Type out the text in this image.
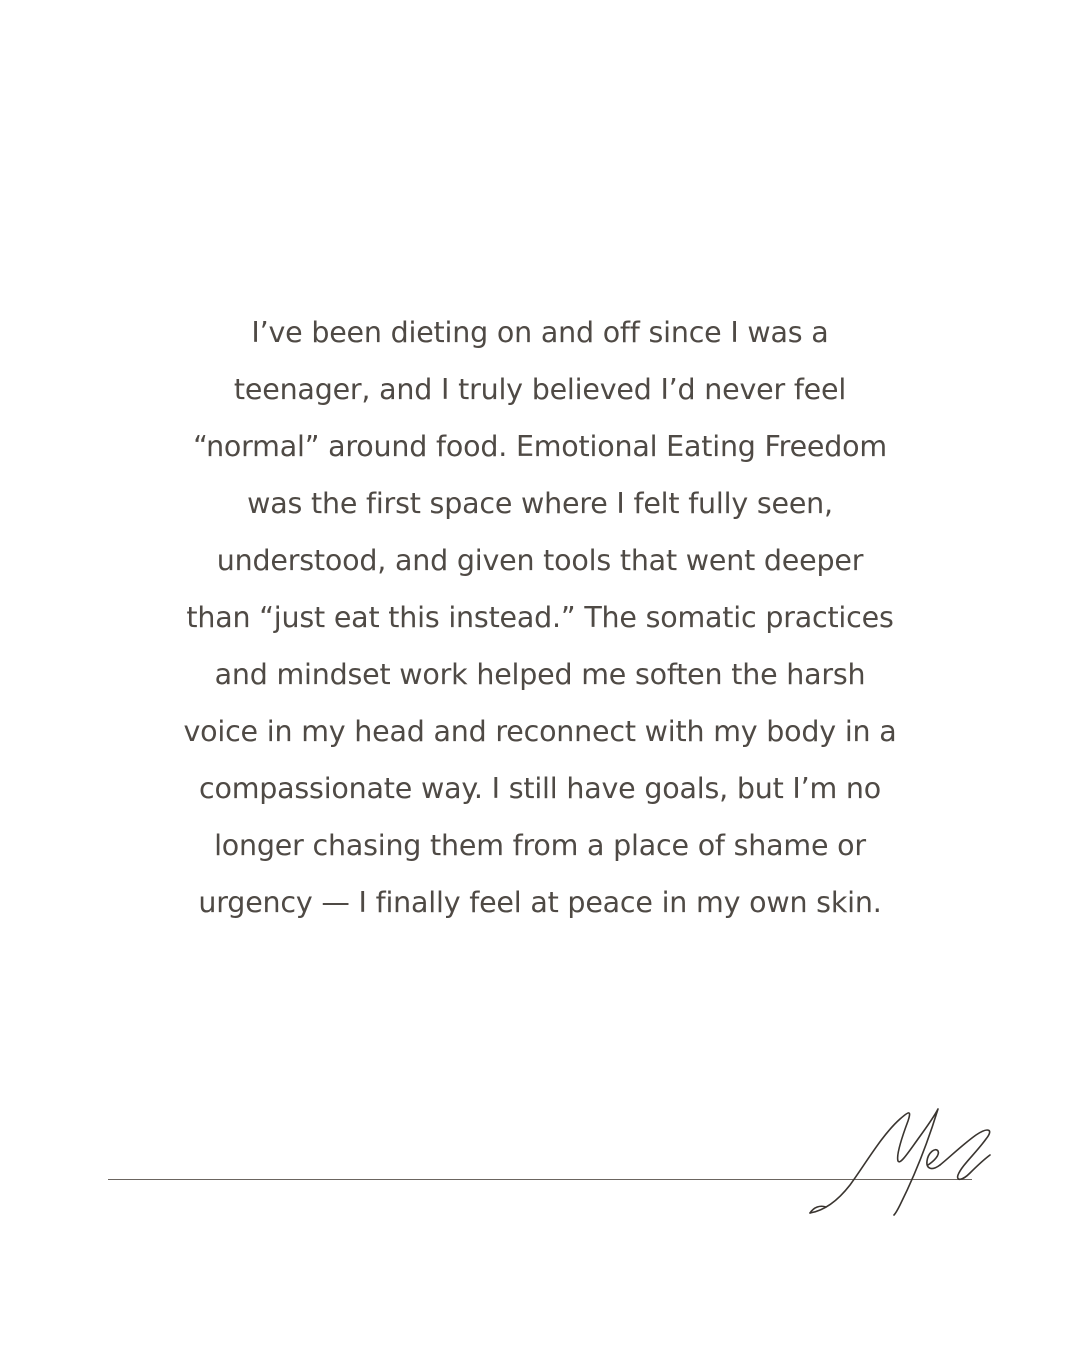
I’ve been dieting on and off since I was a
teenager, and I truly believed I’d never feel
“normal” around food. Emotional Eating Freedom
was the first space where I felt fully seen,
understood, and given tools that went deeper
than “just eat this instead.” The somatic practices
and mindset work helped me soften the harsh
voice in my head and reconnect with my body in a
compassionate way. I still have goals, but I’m no
longer chasing them from a place of shame or
urgency — I finally feel at peace in my own skin.
